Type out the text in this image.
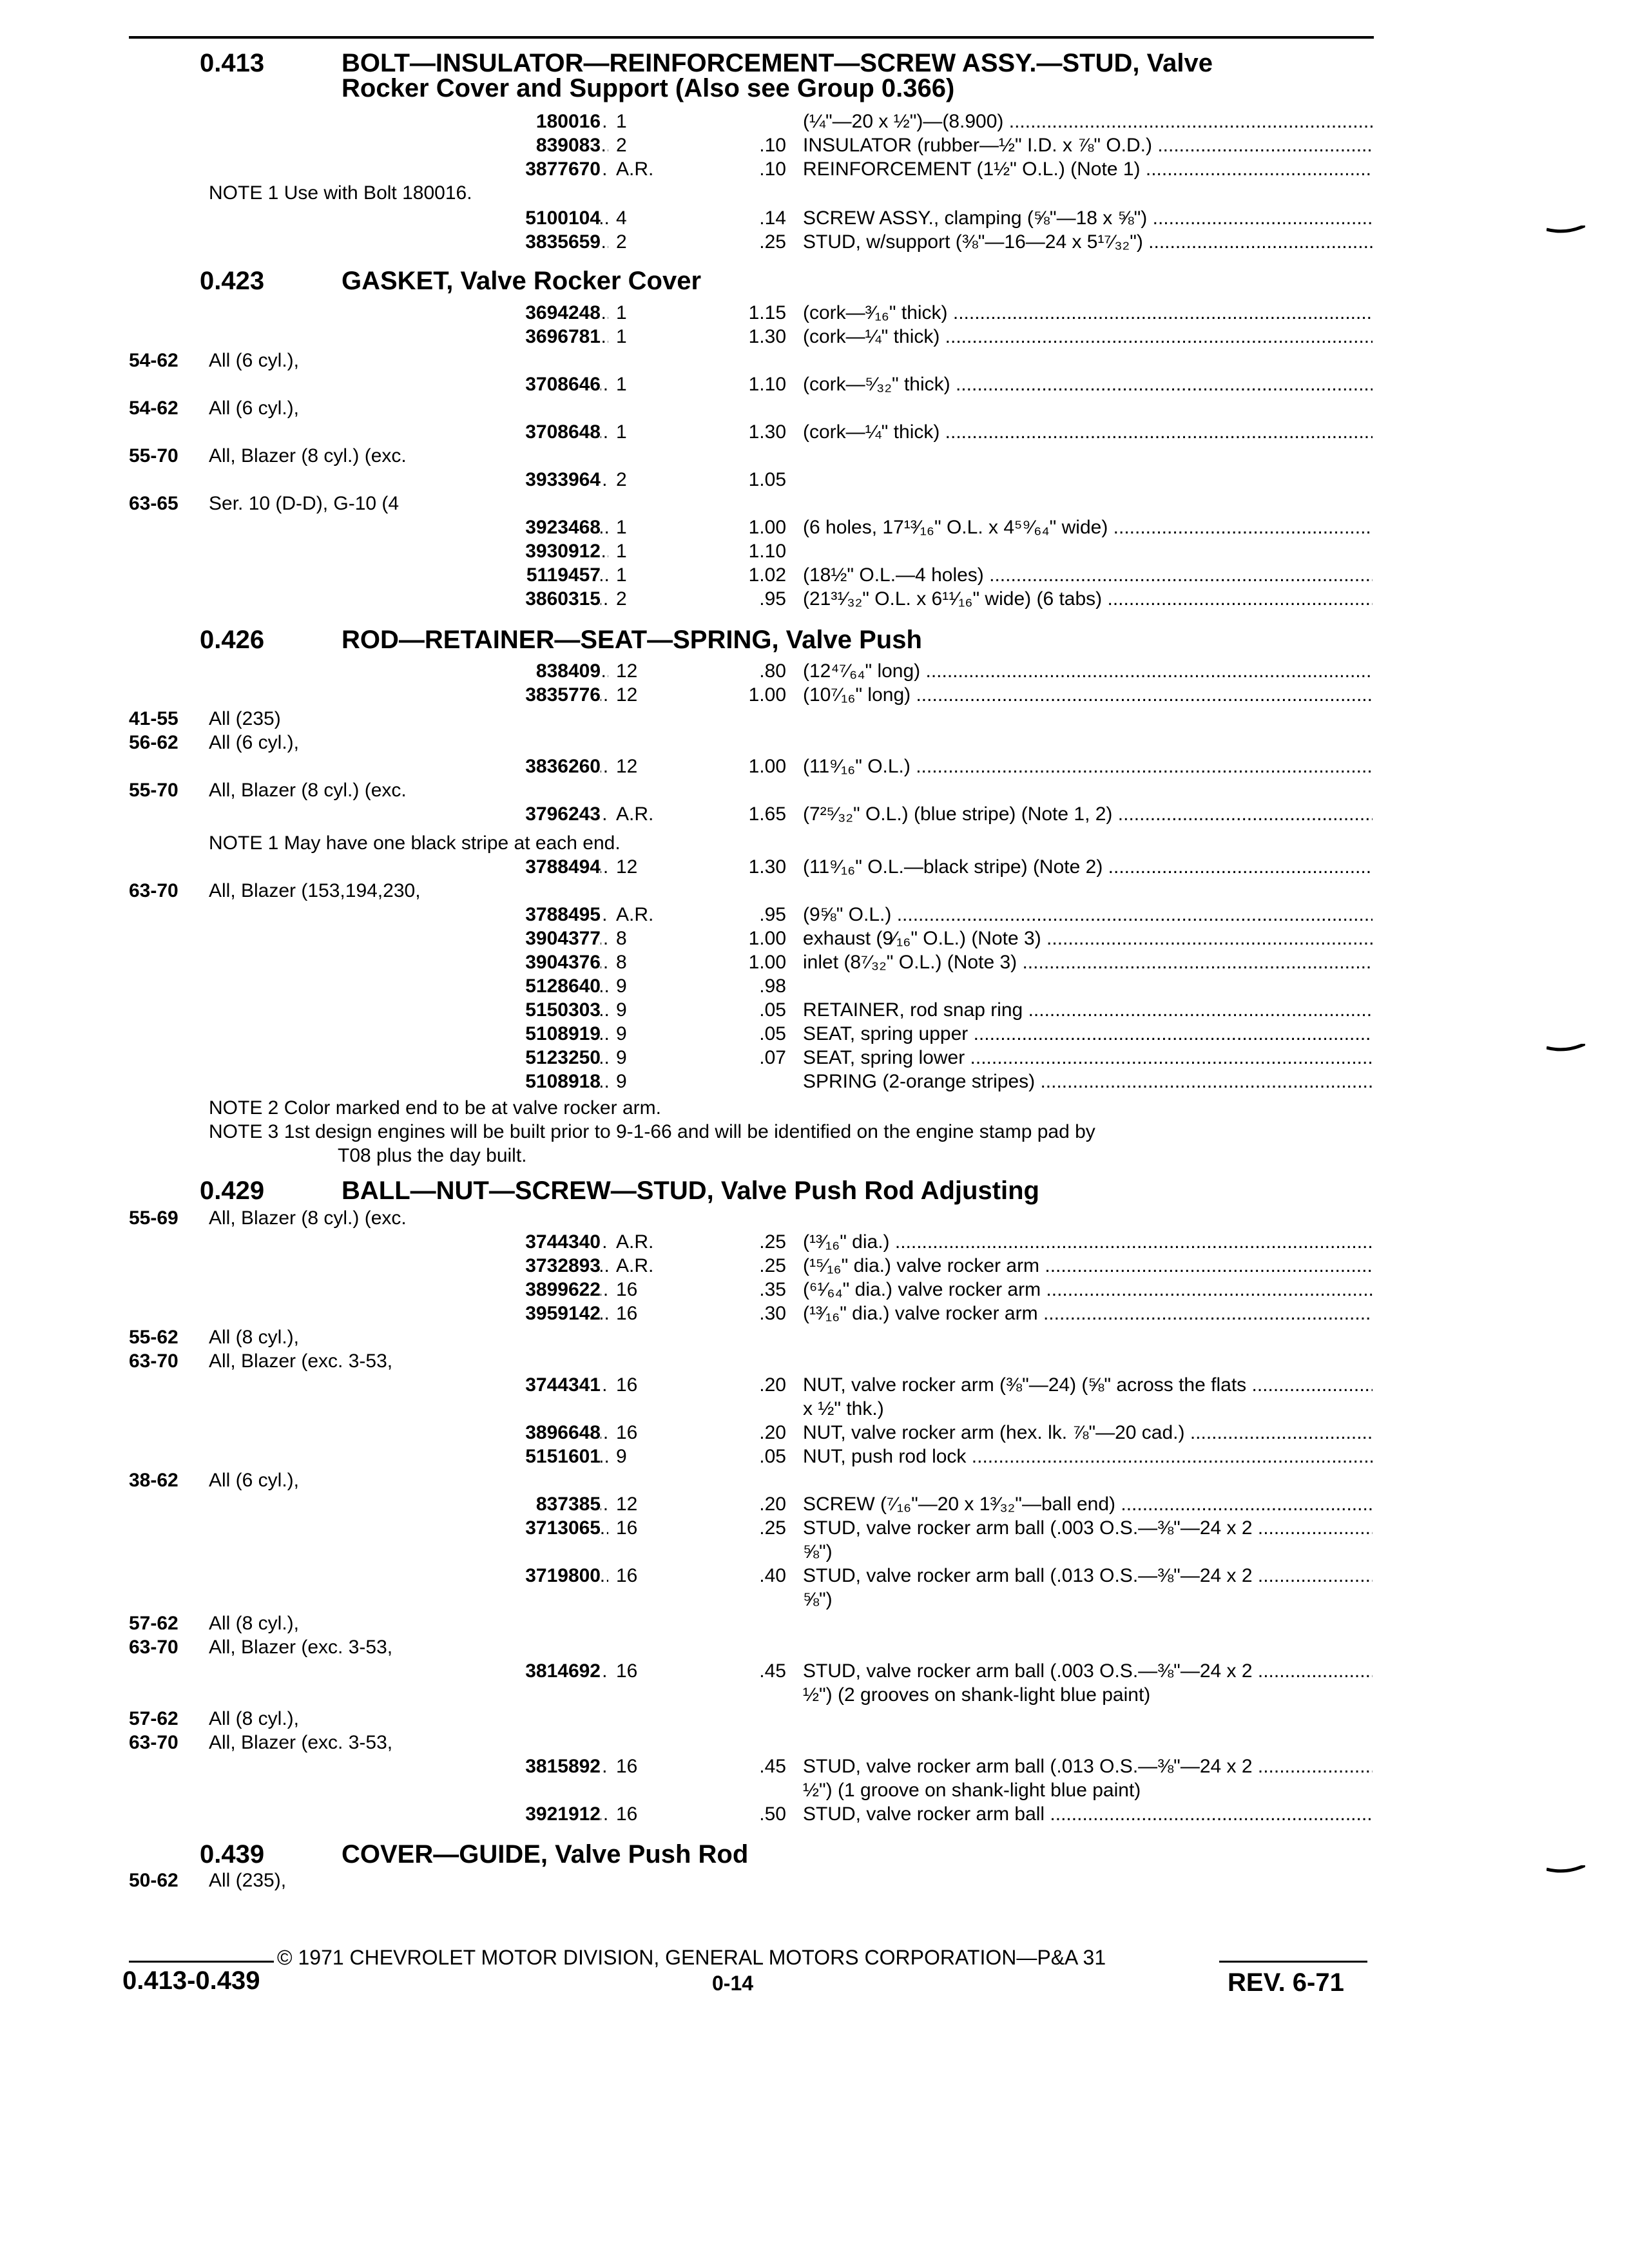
0.413	BOLT—INSULATOR—REINFORCEMENT—SCREW ASSY.—STUD, Valve
Rocker Cover and Support (Also see Group 0.366)
0.423	GASKET, Valve Rocker Cover
0.426	ROD—RETAINER—SEAT—SPRING, Valve Push
0.429	BALL—NUT—SCREW—STUD, Valve Push Rod Adjusting
0.439	COVER—GUIDE, Valve Push Rod
NOTE 1 Use with Bolt 180016.
NOTE 1 May have one black stripe at each end.
NOTE 2 Color marked end to be at valve rocker arm.
NOTE 3 1st design engines will be built prior to 9-1-66 and will be identified on the engine stamp pad by
T08 plus the day built.
.....
180016 1	(¼"—20 x ½")—(8.900) .....
.....
839083 2	.10 INSULATOR (rubber—½" I.D. x ⅞" O.D.) .....
.....
3877670 A.R.	.10 REINFORCEMENT (1½" O.L.) (Note 1) .....
.....
5100104 4	.14 SCREW ASSY., clamping (⅝"—18 x ⅝") .....
.....
3835659 2	.25 STUD, w/support (⅜"—16—24 x 5¹⁷⁄₃₂") .....
.....
3694248 1	1.15 (cork—³⁄₁₆" thick) .....
.....
3696781 1	1.30 (cork—¼" thick) .....
54-62 All (6 cyl.),
.....
3708646 1	1.10 (cork—⁵⁄₃₂" thick) .....
54-62 All (6 cyl.),
.....
3708648 1	1.30 (cork—¼" thick) .....
55-70 All, Blazer (8 cyl.) (exc.
.....
3933964 2	1.05
63-65 Ser. 10 (D-D), G-10 (4
.....
3923468 1	1.00 (6 holes, 17¹³⁄₁₆" O.L. x 4⁵⁹⁄₆₄" wide) .....
.....
3930912 1	1.10
.....
5119457 1	1.02 (18½" O.L.—4 holes) .....
.....
3860315 2	.95 (21³¹⁄₃₂" O.L. x 6¹¹⁄₁₆" wide) (6 tabs) .....
.....
838409 12	.80 (12⁴⁷⁄₆₄" long) .....
.....
3835776 12	1.00 (10⁷⁄₁₆" long) .....
41-55 All (235)
56-62 All (6 cyl.),
.....
3836260 12	1.00 (11⁹⁄₁₆" O.L.) .....
55-70 All, Blazer (8 cyl.) (exc.
.....
3796243 A.R.	1.65 (7²⁵⁄₃₂" O.L.) (blue stripe) (Note 1, 2) .....
.....
3788494 12	1.30 (11⁹⁄₁₆" O.L.—black stripe) (Note 2) .....
63-70 All, Blazer (153,194,230,
.....
3788495 A.R.	.95 (9⅝" O.L.) .....
.....
3904377 8	1.00 exhaust (9⁄₁₆" O.L.) (Note 3) .....
.....
3904376 8	1.00 inlet (8⁷⁄₃₂" O.L.) (Note 3) .....
.....
5128640 9	.98
.....
5150303 9	.05 RETAINER, rod snap ring .....
.....
5108919 9	.05 SEAT, spring upper .....
.....
5123250 9	.07 SEAT, spring lower .....
.....
5108918 9	SPRING (2-orange stripes) .....
55-69 All, Blazer (8 cyl.) (exc.
.....
3744340 A.R.	.25 (¹³⁄₁₆" dia.) .....
.....
3732893 A.R.	.25 (¹⁵⁄₁₆" dia.) valve rocker arm .....
.....
3899622 16	.35 (⁶¹⁄₆₄" dia.) valve rocker arm .....
.....
3959142 16	.30 (¹³⁄₁₆" dia.) valve rocker arm .....
55-62 All (8 cyl.),
63-70 All, Blazer (exc. 3-53,
.....
3744341 16	.20 NUT, valve rocker arm (⅜"—24) (⅝" across the flats .....
x ½" thk.)
.....
3896648 16	.20 NUT, valve rocker arm (hex. lk. ⅞"—20 cad.) .....
.....
5151601 9	.05 NUT, push rod lock .....
38-62 All (6 cyl.),
.....
837385 12	.20 SCREW (⁷⁄₁₆"—20 x 1³⁄₃₂"—ball end) .....
.....
3713065 16	.25 STUD, valve rocker arm ball (.003 O.S.—⅜"—24 x 2 .....
⅝")
.....
3719800 16	.40 STUD, valve rocker arm ball (.013 O.S.—⅜"—24 x 2 .....
⅝")
57-62 All (8 cyl.),
63-70 All, Blazer (exc. 3-53,
.....
3814692 16	.45 STUD, valve rocker arm ball (.003 O.S.—⅜"—24 x 2 .....
½") (2 grooves on shank-light blue paint)
57-62 All (8 cyl.),
63-70 All, Blazer (exc. 3-53,
.....
3815892 16	.45 STUD, valve rocker arm ball (.013 O.S.—⅜"—24 x 2 .....
½") (1 groove on shank-light blue paint)
.....
3921912 16	.50 STUD, valve rocker arm ball .....
50-62 All (235),
© 1971 CHEVROLET MOTOR DIVISION, GENERAL MOTORS CORPORATION—P&A 31
0.413-0.439	0-14	REV. 6-71
